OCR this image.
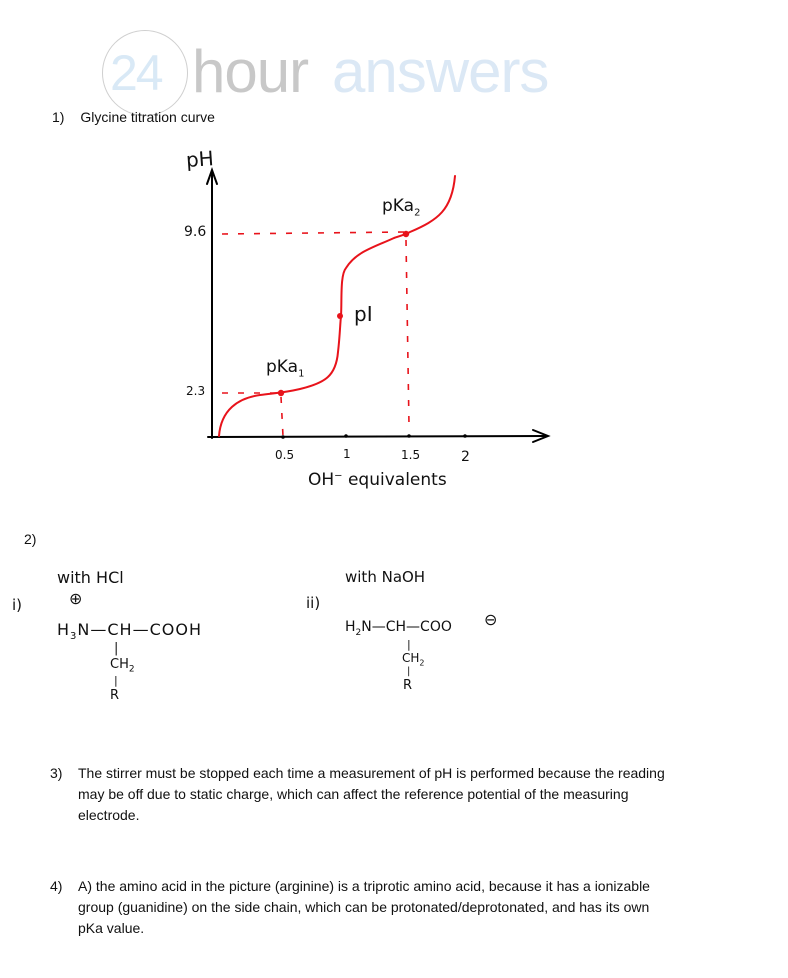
24 hour answers
1) Glycine titration curve
pH
9.6
2.3
0.5	1	1.5	2
OH− equivalents
pKa$_1$
pKa$_2$
pI
2)
with HCl
i)	⊕
$H_3N—CH—COOH$
|
$CH_2$
|
R
with NaOH
ii)
$H_2N—CH—COO$ ⊖
|
$CH_2$
|
R
3) The stirrer must be stopped each time a measurement of pH is performed because the reading
may be off due to static charge, which can affect the reference potential of the measuring
electrode.
4) A) the amino acid in the picture (arginine) is a triprotic amino acid, because it has a ionizable
group (guanidine) on the side chain, which can be protonated/deprotonated, and has its own
pKa value.
